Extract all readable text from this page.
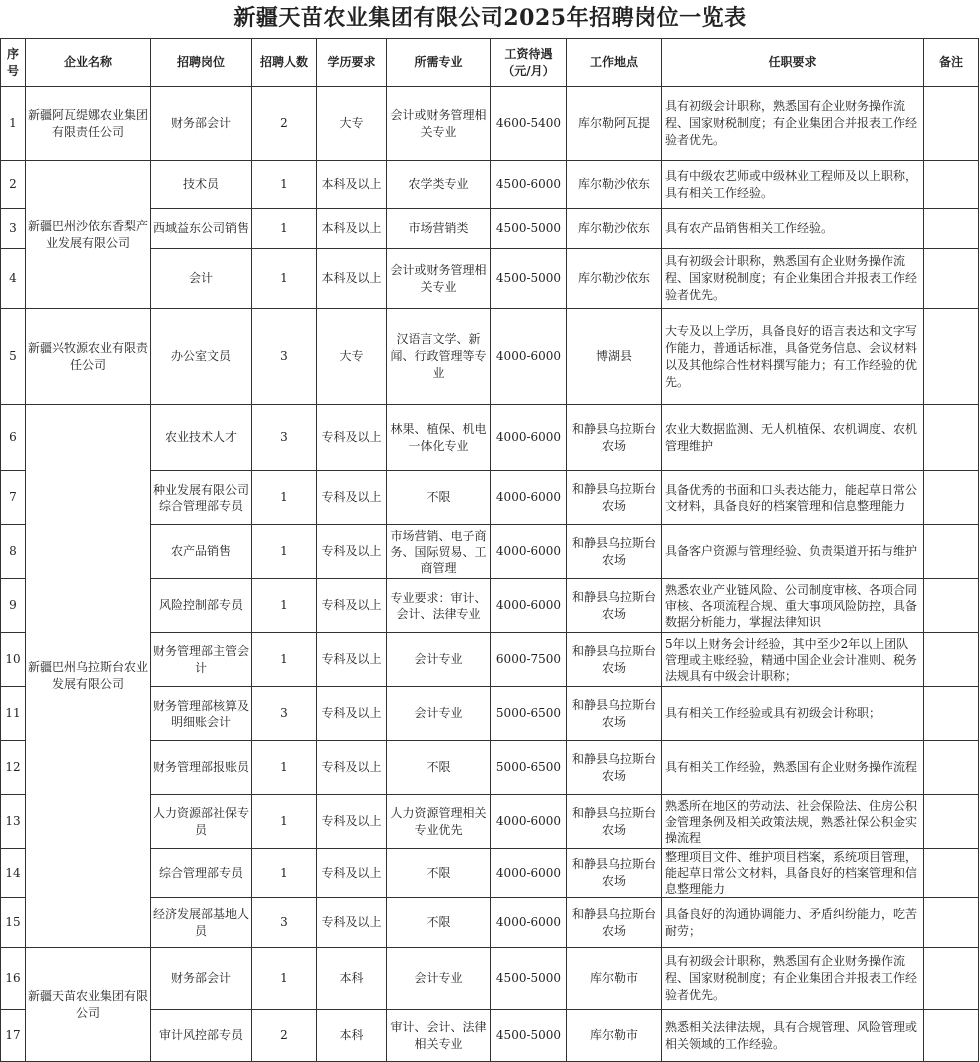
新疆天苗农业集团有限公司2025年招聘岗位一览表
序号	企业名称	招聘岗位	招聘人数	学历要求	所需专业	工资待遇（元/月）	工作地点	任职要求	备注
1	新疆阿瓦缇娜农业集团有限责任公司	财务部会计	2	大专	会计或财务管理相关专业	4600-5400	库尔勒阿瓦提	具有初级会计职称，熟悉国有企业财务操作流程、国家财税制度；有企业集团合并报表工作经验者优先。	
2	新疆巴州沙依东香梨产业发展有限公司	技术员	1	本科及以上	农学类专业	4500-6000	库尔勒沙依东	具有中级农艺师或中级林业工程师及以上职称，具有相关工作经验。	
3		西域益东公司销售	1	本科及以上	市场营销类	4500-5000	库尔勒沙依东	具有农产品销售相关工作经验。	
4		会计	1	本科及以上	会计或财务管理相关专业	4500-5000	库尔勒沙依东	具有初级会计职称，熟悉国有企业财务操作流程、国家财税制度；有企业集团合并报表工作经验者优先。	
5	新疆兴牧源农业有限责任公司	办公室文员	3	大专	汉语言文学、新闻、行政管理等专业	4000-6000	博湖县	大专及以上学历，具备良好的语言表达和文字写作能力，普通话标准，具备党务信息、会议材料以及其他综合性材料撰写能力；有工作经验的优先。	
6	新疆巴州乌拉斯台农业发展有限公司	农业技术人才	3	专科及以上	林果、植保、机电一体化专业	4000-6000	和静县乌拉斯台农场	农业大数据监测、无人机植保、农机调度、农机管理维护	
7		种业发展有限公司综合管理部专员	1	专科及以上	不限	4000-6000	和静县乌拉斯台农场	具备优秀的书面和口头表达能力，能起草日常公文材料，具备良好的档案管理和信息整理能力	
8		农产品销售	1	专科及以上	市场营销、电子商务、国际贸易、工商管理	4000-6000	和静县乌拉斯台农场	具备客户资源与管理经验、负责渠道开拓与维护	
9		风险控制部专员	1	专科及以上	专业要求：审计、会计、法律专业	4000-6000	和静县乌拉斯台农场	熟悉农业产业链风险、公司制度审核、各项合同审核、各项流程合规、重大事项风险防控，具备数据分析能力，掌握法律知识	
10		财务管理部主管会计	1	专科及以上	会计专业	6000-7500	和静县乌拉斯台农场	5年以上财务会计经验，其中至少2年以上团队管理或主账经验，精通中国企业会计准则、税务法规具有中级会计职称；	
11		财务管理部核算及明细账会计	3	专科及以上	会计专业	5000-6500	和静县乌拉斯台农场	具有相关工作经验或具有初级会计称职；	
12		财务管理部报账员	1	专科及以上	不限	5000-6500	和静县乌拉斯台农场	具有相关工作经验，熟悉国有企业财务操作流程	
13		人力资源部社保专员	1	专科及以上	人力资源管理相关专业优先	4000-6000	和静县乌拉斯台农场	熟悉所在地区的劳动法、社会保险法、住房公积金管理条例及相关政策法规，熟悉社保公积金实操流程	
14		综合管理部专员	1	专科及以上	不限	4000-6000	和静县乌拉斯台农场	整理项目文件、维护项目档案，系统项目管理，能起草日常公文材料，具备良好的档案管理和信息整理能力	
15		经济发展部基地人员	3	专科及以上	不限	4000-6000	和静县乌拉斯台农场	具备良好的沟通协调能力、矛盾纠纷能力，吃苦耐劳；	
16	新疆天苗农业集团有限公司	财务部会计	1	本科	会计专业	4500-5000	库尔勒市	具有初级会计职称，熟悉国有企业财务操作流程、国家财税制度；有企业集团合并报表工作经验者优先。	
17		审计风控部专员	2	本科	审计、会计、法律相关专业	4500-5000	库尔勒市	熟悉相关法律法规，具有合规管理、风险管理或相关领域的工作经验。	
